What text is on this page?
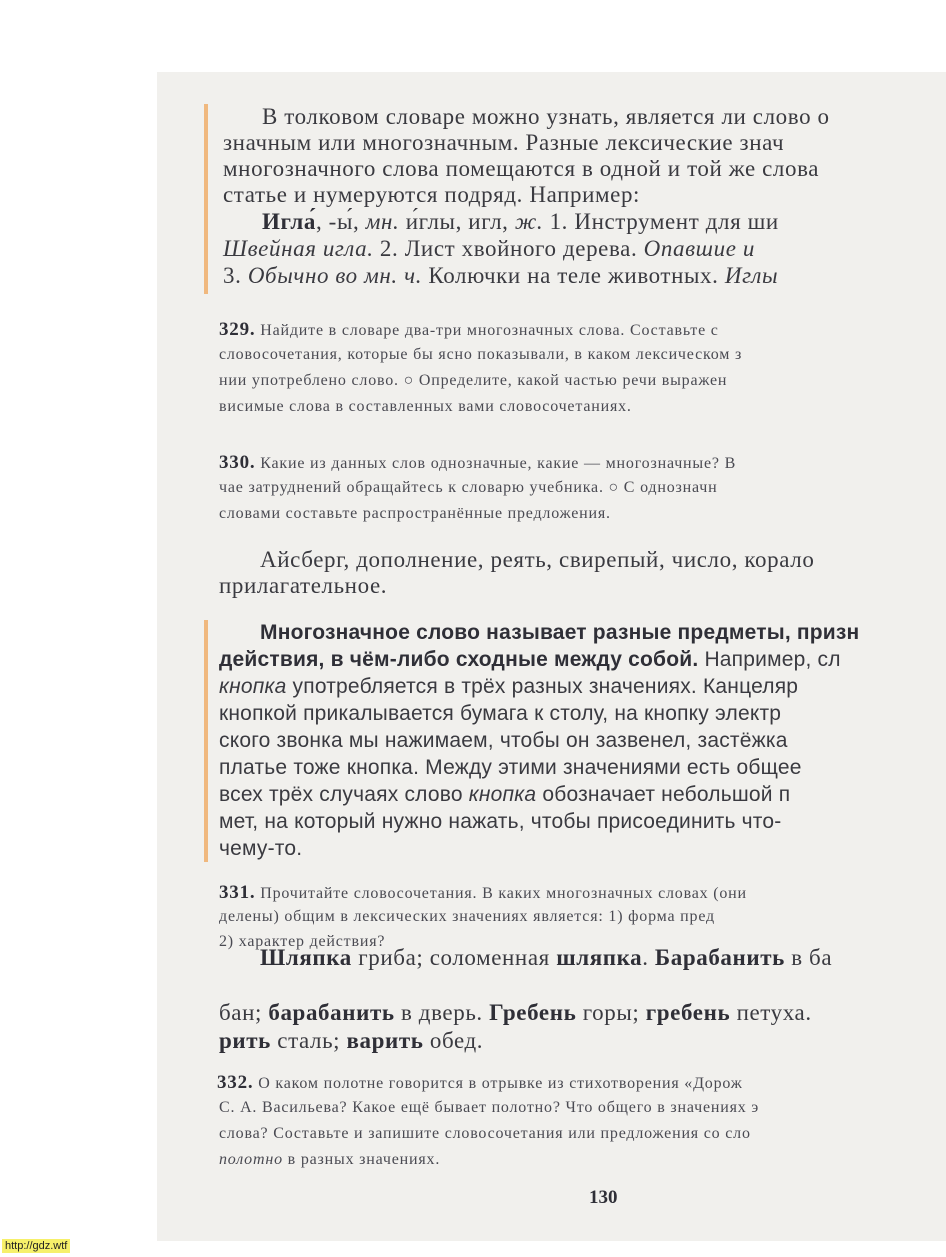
В толковом словаре можно узнать, является ли слово о
значным или многозначным. Разные лексические знач
многозначного слова помещаются в одной и той же слова
статье и нумеруются подряд. Например:
Игла́, -ы́, мн. и́глы, игл, ж. 1. Инструмент для ши
Швейная игла. 2. Лист хвойного дерева. Опавшие и
3. Обычно во мн. ч. Колючки на теле животных. Иглы
329. Найдите в словаре два-три многозначных слова. Составьте с
словосочетания, которые бы ясно показывали, в каком лексическом з
нии употреблено слово. ○ Определите, какой частью речи выражен
висимые слова в составленных вами словосочетаниях.
330. Какие из данных слов однозначные, какие — многозначные? В
чае затруднений обращайтесь к словарю учебника. ○ С однозначн
словами составьте распространённые предложения.
Айсберг, дополнение, реять, свирепый, число, корало
прилагательное.
Многозначное слово называет разные предметы, призн
действия, в чём-либо сходные между собой. Например, сл
кнопка употребляется в трёх разных значениях. Канцеляр
кнопкой прикалывается бумага к столу, на кнопку электр
ского звонка мы нажимаем, чтобы он зазвенел, застёжка
платье тоже кнопка. Между этими значениями есть общее
всех трёх случаях слово кнопка обозначает небольшой п
мет, на который нужно нажать, чтобы присоединить что-
чему-то.
331. Прочитайте словосочетания. В каких многозначных словах (они
делены) общим в лексических значениях является: 1) форма пред
2) характер действия?
Шляпка гриба; соломенная шляпка. Барабанить в ба
бан; барабанить в дверь. Гребень горы; гребень петуха.
рить сталь; варить обед.
332. О каком полотне говорится в отрывке из стихотворения «Дорож
С. А. Васильева? Какое ещё бывает полотно? Что общего в значениях э
слова? Составьте и запишите словосочетания или предложения со сло
полотно в разных значениях.
130
http://gdz.wtf
